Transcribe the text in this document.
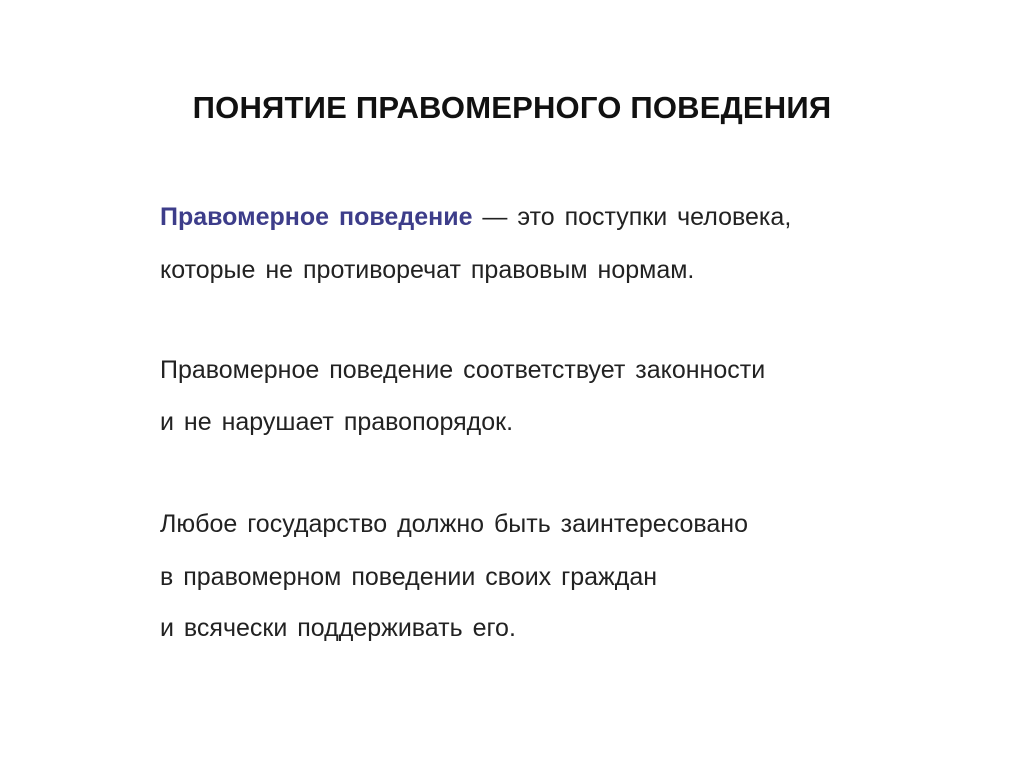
ПОНЯТИЕ ПРАВОМЕРНОГО ПОВЕДЕНИЯ
Правомерное поведение — это поступки человека,
которые не противоречат правовым нормам.
Правомерное поведение соответствует законности
и не нарушает правопорядок.
Любое государство должно быть заинтересовано
в правомерном поведении своих граждан
и всячески поддерживать его.
